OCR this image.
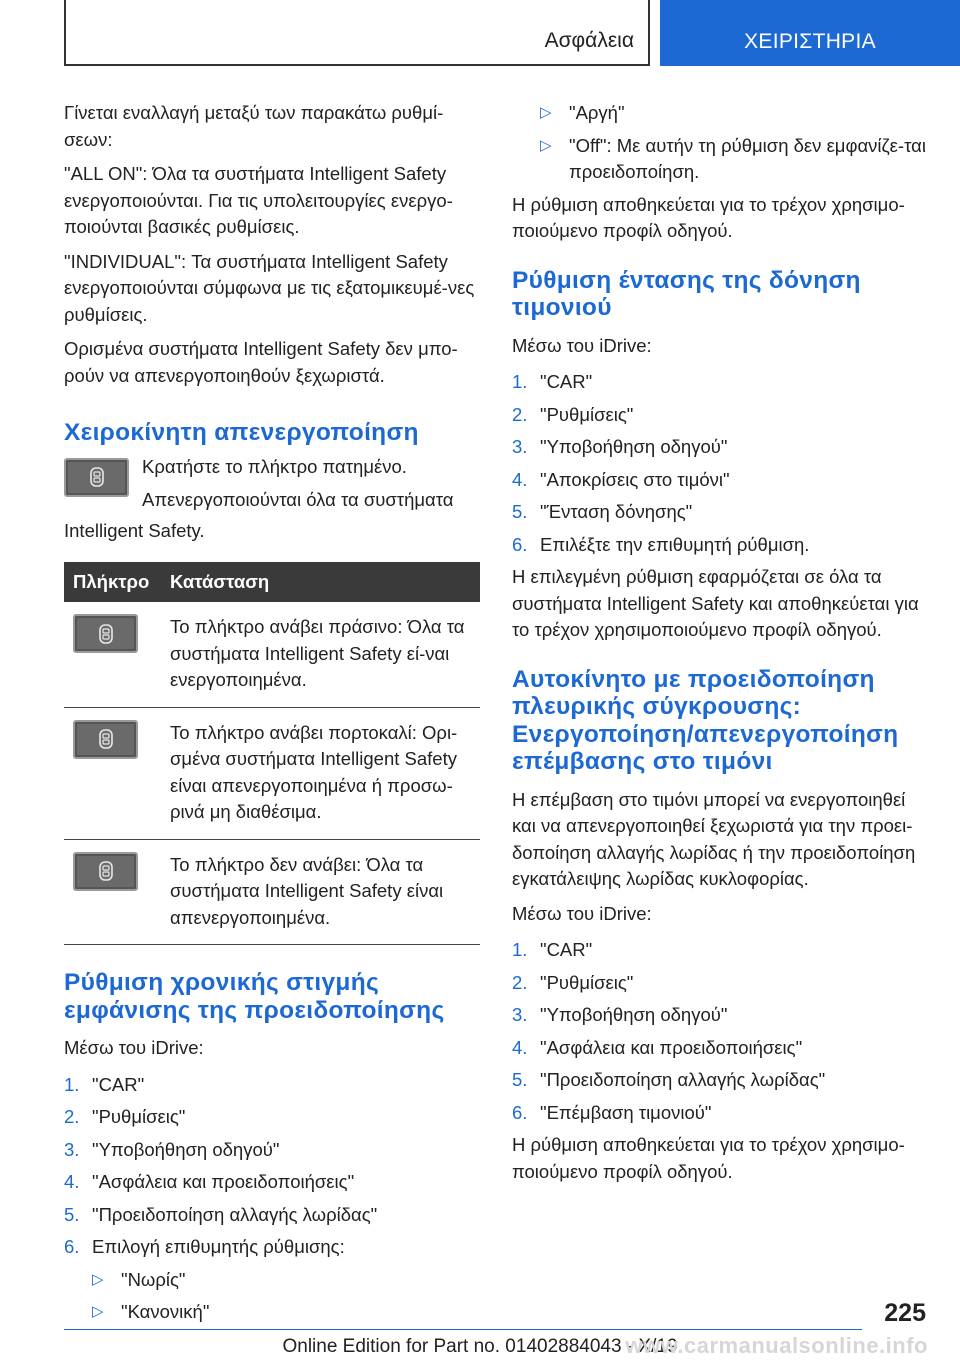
Ασφάλεια	ΧΕΙΡΙΣΤΗΡΙΑ

Γίνεται εναλλαγή μεταξύ των παρακάτω ρυθμί-σεων:

"ALL ON": Όλα τα συστήματα Intelligent Safety ενεργοποιούνται. Για τις υπολειτουργίες ενεργο-ποιούνται βασικές ρυθμίσεις.

"INDIVIDUAL": Τα συστήματα Intelligent Safety ενεργοποιούνται σύμφωνα με τις εξατομικευμέ-νες ρυθμίσεις.

Ορισμένα συστήματα Intelligent Safety δεν μπο-ρούν να απενεργοποιηθούν ξεχωριστά.

Χειροκίνητη απενεργοποίηση
Κρατήστε το πλήκτρο πατημένο.
Απενεργοποιούνται όλα τα συστήματα

Intelligent Safety.

Πλήκτρο	Κατάσταση

	Το πλήκτρο ανάβει πράσινο: Όλα τα συστήματα Intelligent Safety εί-ναι ενεργοποιημένα.

	Το πλήκτρο ανάβει πορτοκαλί: Ορι-σμένα συστήματα Intelligent Safety είναι απενεργοποιημένα ή προσω-ρινά μη διαθέσιμα.

	Το πλήκτρο δεν ανάβει: Όλα τα συστήματα Intelligent Safety είναι απενεργοποιημένα.
Ρύθμιση χρονικής στιγμής εμφάνισης της προειδοποίησης

Μέσω του iDrive:

1. "CAR"
2. "Ρυθμίσεις"
3. "Υποβοήθηση οδηγού"
4. "Ασφάλεια και προειδοποιήσεις"
5. "Προειδοποίηση αλλαγής λωρίδας"
6. Επιλογή επιθυμητής ρύθμισης:
▷ "Νωρίς"
▷ "Κανονική"
▷ "Αργή"
▷ "Off": Με αυτήν τη ρύθμιση δεν εμφανίζε-ται προειδοποίηση.

Η ρύθμιση αποθηκεύεται για το τρέχον χρησιμο-ποιούμενο προφίλ οδηγού.

Ρύθμιση έντασης της δόνηση τιμονιού

Μέσω του iDrive:

1. "CAR"
2. "Ρυθμίσεις"
3. "Υποβοήθηση οδηγού"
4. "Αποκρίσεις στο τιμόνι"
5. "Ένταση δόνησης"
6. Επιλέξτε την επιθυμητή ρύθμιση.

Η επιλεγμένη ρύθμιση εφαρμόζεται σε όλα τα συστήματα Intelligent Safety και αποθηκεύεται για το τρέχον χρησιμοποιούμενο προφίλ οδηγού.

Αυτοκίνητο με προειδοποίηση πλευρικής σύγκρουσης: Ενεργοποίηση/απενεργοποίηση επέμβασης στο τιμόνι

Η επέμβαση στο τιμόνι μπορεί να ενεργοποιηθεί και να απενεργοποιηθεί ξεχωριστά για την προει-δοποίηση αλλαγής λωρίδας ή την προειδοποίηση εγκατάλειψης λωρίδας κυκλοφορίας.

Μέσω του iDrive:

1. "CAR"
2. "Ρυθμίσεις"
3. "Υποβοήθηση οδηγού"
4. "Ασφάλεια και προειδοποιήσεις"
5. "Προειδοποίηση αλλαγής λωρίδας"
6. "Επέμβαση τιμονιού"

Η ρύθμιση αποθηκεύεται για το τρέχον χρησιμο-ποιούμενο προφίλ οδηγού.

225
Online Edition for Part no. 01402884043 - X/19
www.carmanualsonline.info
